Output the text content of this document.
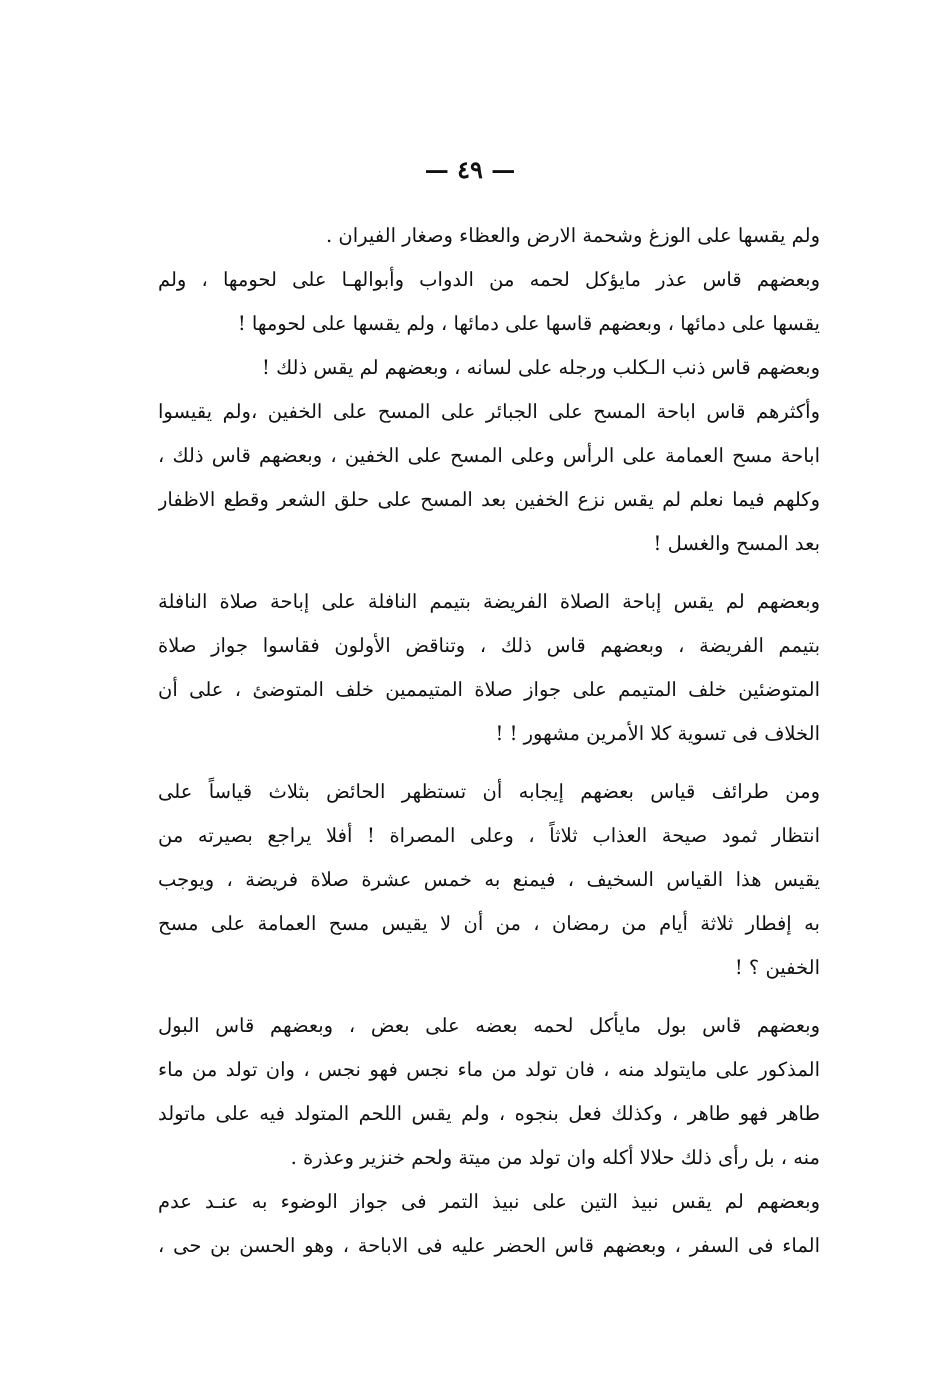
— ٤٩ —
ولم يقسها على الوزغ وشحمة الارض والعظاء وصغار الفيران .
وبعضهم قاس عذر مايؤكل لحمه من الدواب وأبوالهـا على لحومها ، ولم
يقسها على دمائها ، وبعضهم قاسها على دمائها ، ولم يقسها على لحومها !
وبعضهم قاس ذنب الـكلب ورجله على لسانه ، وبعضهم لم يقس ذلك !
وأكثرهم قاس اباحة المسح على الجبائر على المسح على الخفين ،ولم يقيسوا
اباحة مسح العمامة على الرأس وعلى المسح على الخفين ، وبعضهم قاس ذلك ،
وكلهم فيما نعلم لم يقس نزع الخفين بعد المسح على حلق الشعر وقطع الاظفار
بعد المسح والغسل !
وبعضهم لم يقس إباحة الصلاة الفريضة بتيمم النافلة على إباحة صلاة النافلة
بتيمم الفريضة ، وبعضهم قاس ذلك ، وتناقض الأولون فقاسوا جواز صلاة
المتوضئين خلف المتيمم على جواز صلاة المتيممين خلف المتوضئ ، على أن
الخلاف فى تسوية كلا الأمرين مشهور ! !
ومن طرائف قياس بعضهم إيجابه أن تستظهر الحائض بثلاث قياساً على
انتظار ثمود صيحة العذاب ثلاثاً ، وعلى المصراة ! أفلا يراجع بصيرته من
يقيس هذا القياس السخيف ، فيمنع به خمس عشرة صلاة فريضة ، ويوجب
به إفطار ثلاثة أيام من رمضان ، من أن لا يقيس مسح العمامة على مسح
الخفين ؟ !
وبعضهم قاس بول مايأكل لحمه بعضه على بعض ، وبعضهم قاس البول
المذكور على مايتولد منه ، فان تولد من ماء نجس فهو نجس ، وان تولد من ماء
طاهر فهو طاهر ، وكذلك فعل بنجوه ، ولم يقس اللحم المتولد فيه على ماتولد
منه ، بل رأى ذلك حلالا أكله وان تولد من ميتة ولحم خنزير وعذرة .
وبعضهم لم يقس نبيذ التين على نبيذ التمر فى جواز الوضوء به عنـد عدم
الماء فى السفر ، وبعضهم قاس الحضر عليه فى الاباحة ، وهو الحسن بن حى ،
